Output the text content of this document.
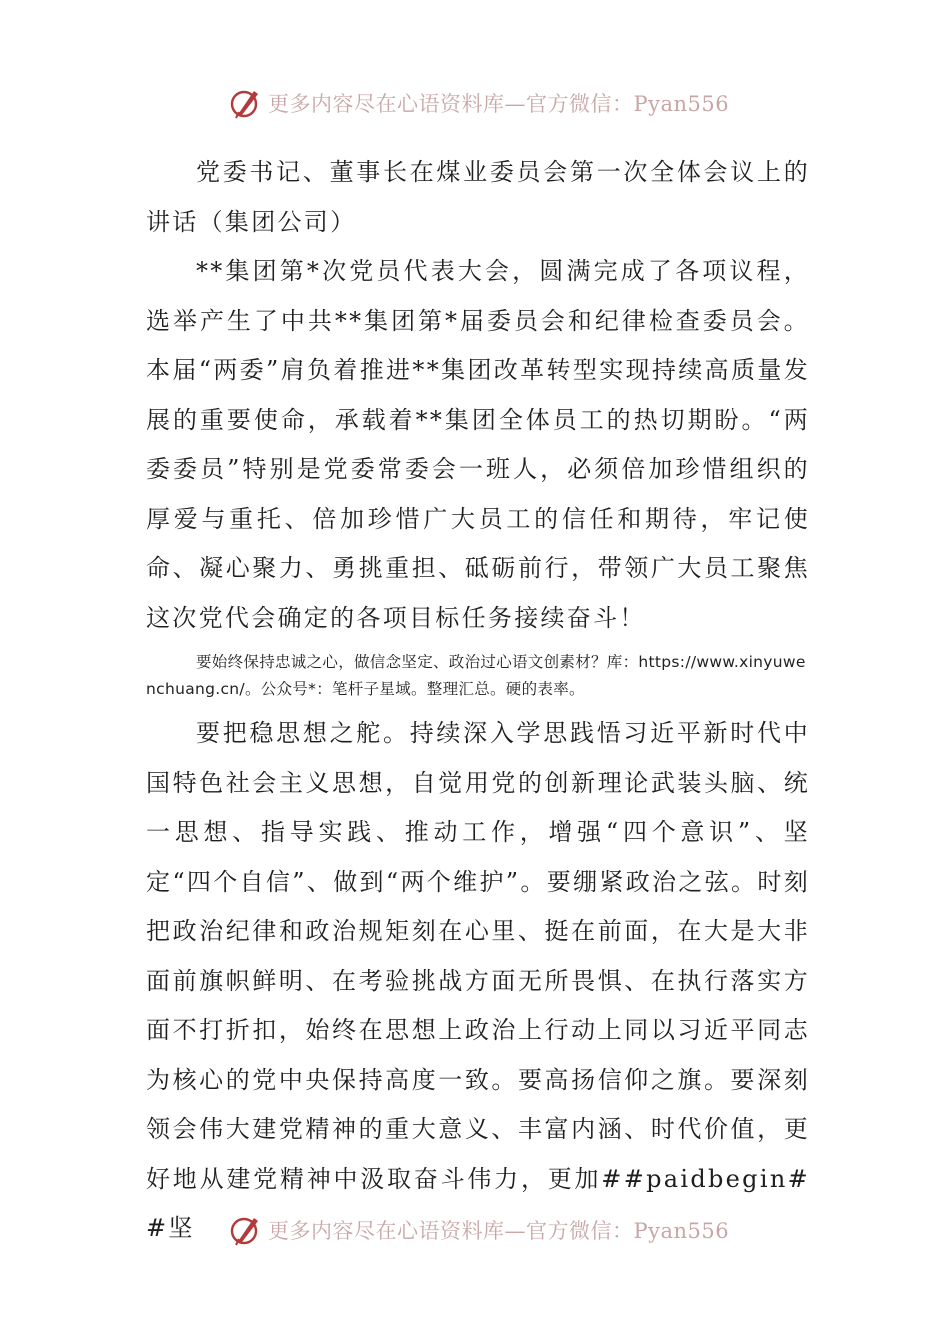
更多内容尽在心语资料库—官方微信：Pyan556

党委书记、董事长在煤业委员会第一次全体会议上的讲话（集团公司）

**集团第*次党员代表大会，圆满完成了各项议程，选举产生了中共**集团第*届委员会和纪律检查委员会。本届“两委”肩负着推进**集团改革转型实现持续高质量发展的重要使命，承载着**集团全体员工的热切期盼。“两委委员”特别是党委常委会一班人，必须倍加珍惜组织的厚爱与重托、倍加珍惜广大员工的信任和期待，牢记使命、凝心聚力、勇挑重担、砥砺前行，带领广大员工聚焦这次党代会确定的各项目标任务接续奋斗！

要始终保持忠诚之心，做信念坚定、政治过心语文创素材？库：https://www.xinyuwenchuang.cn/。公众号*：笔杆子星域。整理汇总。硬的表率。

要把稳思想之舵。持续深入学思践悟习近平新时代中国特色社会主义思想，自觉用党的创新理论武装头脑、统一思想、指导实践、推动工作，增强“四个意识”、坚定“四个自信”、做到“两个维护”。要绷紧政治之弦。时刻把政治纪律和政治规矩刻在心里、挺在前面，在大是大非面前旗帜鲜明、在考验挑战方面无所畏惧、在执行落实方面不打折扣，始终在思想上政治上行动上同以习近平同志为核心的党中央保持高度一致。要高扬信仰之旗。要深刻领会伟大建党精神的重大意义、丰富内涵、时代价值，更好地从建党精神中汲取奋斗伟力，更加##paidbegin##坚	更多内容尽在心语资料库—官方微信：Pyan556
